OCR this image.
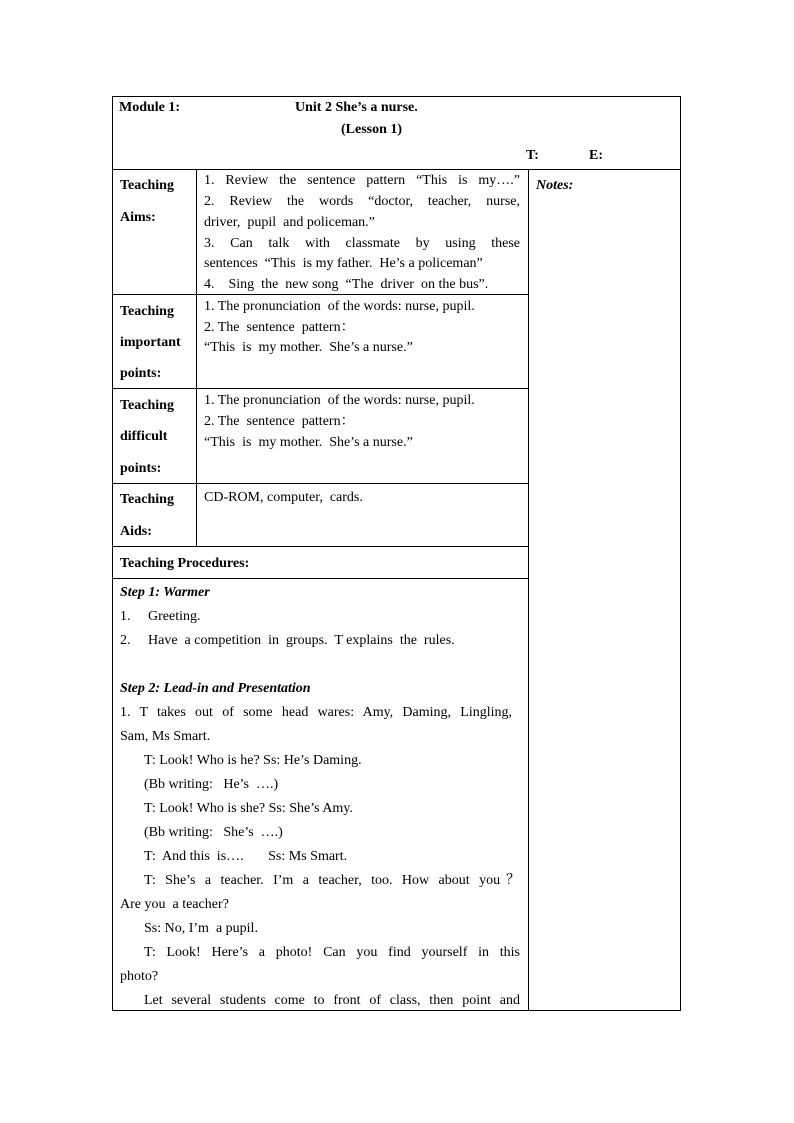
Module 1:	Unit 2 She’s a nurse.
(Lesson 1)
T:	E:
Notes:
Teaching
Aims:
1. Review the sentence pattern “This is my….”
2. Review the words “doctor, teacher, nurse,
driver,  pupil  and policeman.”
3. Can talk with classmate by using these
sentences  “This  is my father.  He’s a policeman”
4.    Sing  the  new song  “The  driver  on the bus”.
Teaching
important
points:
1. The pronunciation  of the words: nurse, pupil.
2. The  sentence  pattern：
“This  is  my mother.  She’s a nurse.”
Teaching
difficult
points:
1. The pronunciation  of the words: nurse, pupil.
2. The  sentence  pattern：
“This  is  my mother.  She’s a nurse.”
Teaching
Aids:
CD-ROM, computer,  cards.
Teaching Procedures:
Step 1: Warmer
1.     Greeting.
2.     Have  a competition  in  groups.  T explains  the  rules.
Step 2: Lead-in and Presentation
1. T takes out of some head wares: Amy, Daming, Lingling,
Sam, Ms Smart.
T: Look! Who is he? Ss: He’s Daming.
(Bb writing:   He’s  ….)
T: Look! Who is she? Ss: She’s Amy.
(Bb writing:   She’s  ….)
T:  And this  is….       Ss: Ms Smart.
T: She’s a teacher. I’m a teacher, too. How about you？
Are you  a teacher?
Ss: No, I’m  a pupil.
T: Look! Here’s a photo! Can you find yourself in this
photo?
Let several students come to front of class, then point and
